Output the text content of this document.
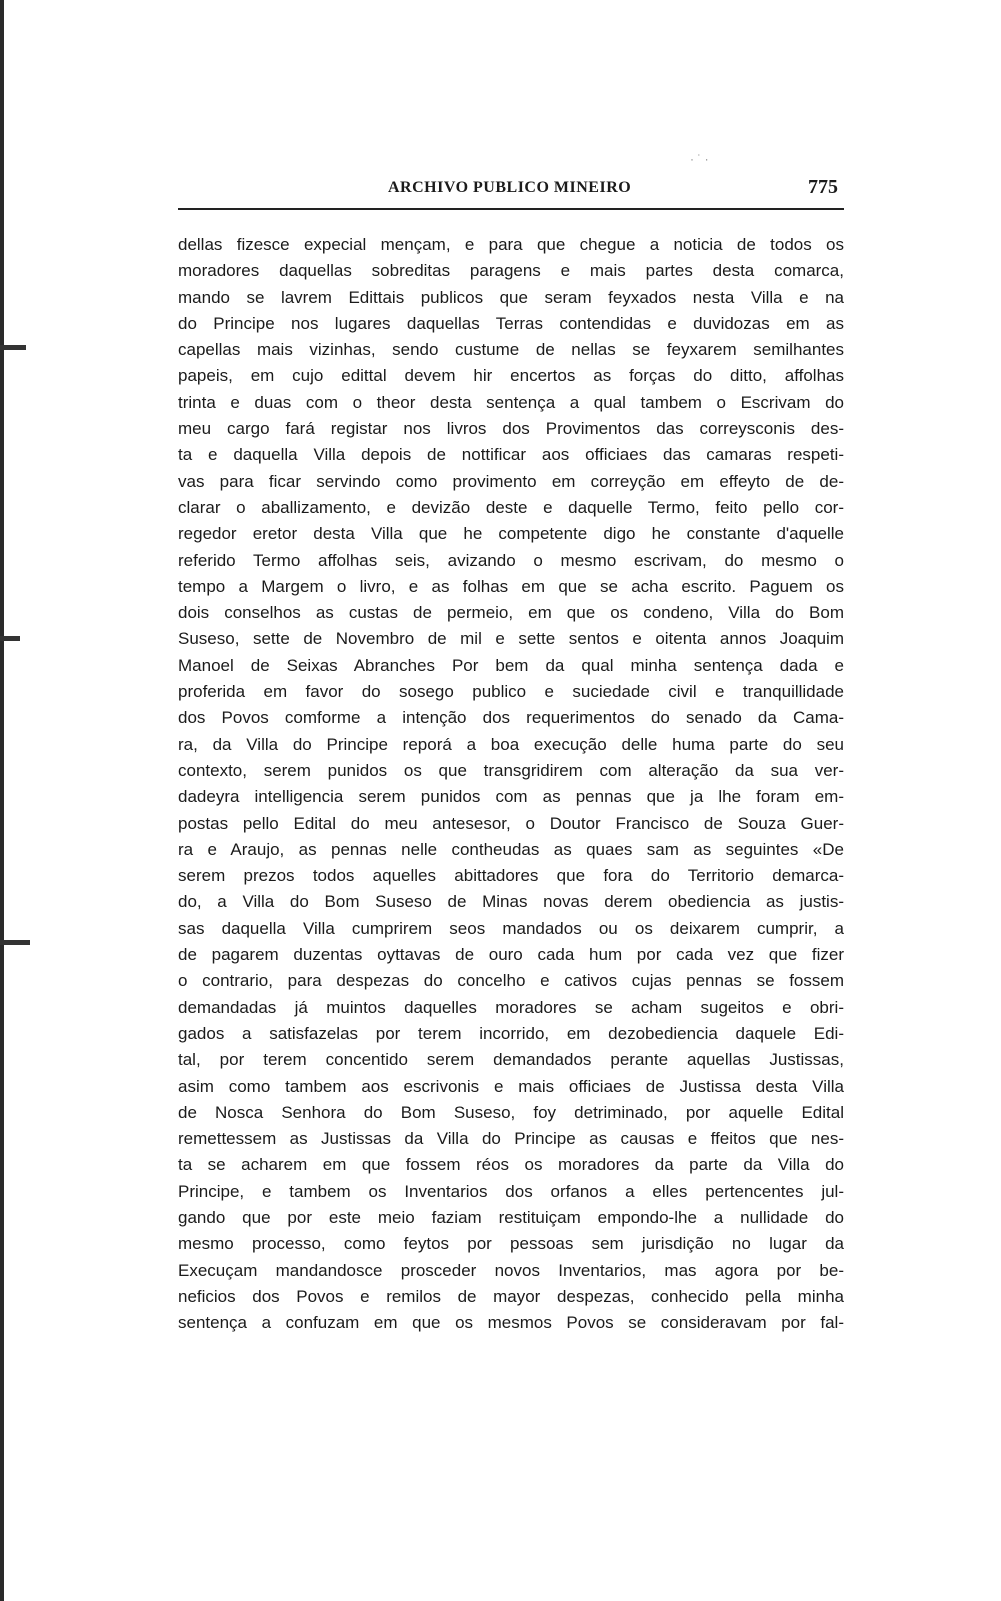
· ˙ ·
ARCHIVO PUBLICO MINEIRO	775
dellas fizesce expecial mençam, e para que chegue a noticia de todos os
moradores daquellas sobreditas paragens e mais partes desta comarca,
mando se lavrem Edittais publicos que seram feyxados nesta Villa e na
do Principe nos lugares daquellas Terras contendidas e duvidozas em as
capellas mais vizinhas, sendo custume de nellas se feyxarem semilhantes
papeis, em cujo edittal devem hir encertos as forças do ditto, affolhas
trinta e duas com o theor desta sentença a qual tambem o Escrivam do
meu cargo fará registar nos livros dos Provimentos das correysconis des-
ta e daquella Villa depois de nottificar aos officiaes das camaras respeti-
vas para ficar servindo como provimento em correyção em effeyto de de-
clarar o aballizamento, e devizão deste e daquelle Termo, feito pello cor-
regedor eretor desta Villa que he competente digo he constante d'aquelle
referido Termo affolhas seis, avizando o mesmo escrivam, do mesmo o
tempo a Margem o livro, e as folhas em que se acha escrito. Paguem os
dois conselhos as custas de permeio, em que os condeno, Villa do Bom
Suseso, sette de Novembro de mil e sette sentos e oitenta annos Joaquim
Manoel de Seixas Abranches Por bem da qual minha sentença dada e
proferida em favor do sosego publico e suciedade civil e tranquillidade
dos Povos comforme a intenção dos requerimentos do senado da Cama-
ra, da Villa do Principe reporá a boa execução delle huma parte do seu
contexto, serem punidos os que transgridirem com alteração da sua ver-
dadeyra intelligencia serem punidos com as pennas que ja lhe foram em-
postas pello Edital do meu antesesor, o Doutor Francisco de Souza Guer-
ra e Araujo, as pennas nelle contheudas as quaes sam as seguintes «De
serem prezos todos aquelles abittadores que fora do Territorio demarca-
do, a Villa do Bom Suseso de Minas novas derem obediencia as justis-
sas daquella Villa cumprirem seos mandados ou os deixarem cumprir, a
de pagarem duzentas oyttavas de ouro cada hum por cada vez que fizer
o contrario, para despezas do concelho e cativos cujas pennas se fossem
demandadas já muintos daquelles moradores se acham sugeitos e obri-
gados a satisfazelas por terem incorrido, em dezobediencia daquele Edi-
tal, por terem concentido serem demandados perante aquellas Justissas,
asim como tambem aos escrivonis e mais officiaes de Justissa desta Villa
de Nosca Senhora do Bom Suseso, foy detriminado, por aquelle Edital
remettessem as Justissas da Villa do Principe as causas e ffeitos que nes-
ta se acharem em que fossem réos os moradores da parte da Villa do
Principe, e tambem os Inventarios dos orfanos a elles pertencentes jul-
gando que por este meio faziam restituiçam empondo-lhe a nullidade do
mesmo processo, como feytos por pessoas sem jurisdição no lugar da
Execuçam mandandosce prosceder novos Inventarios, mas agora por be-
neficios dos Povos e remilos de mayor despezas, conhecido pella minha
sentença a confuzam em que os mesmos Povos se consideravam por fal-
